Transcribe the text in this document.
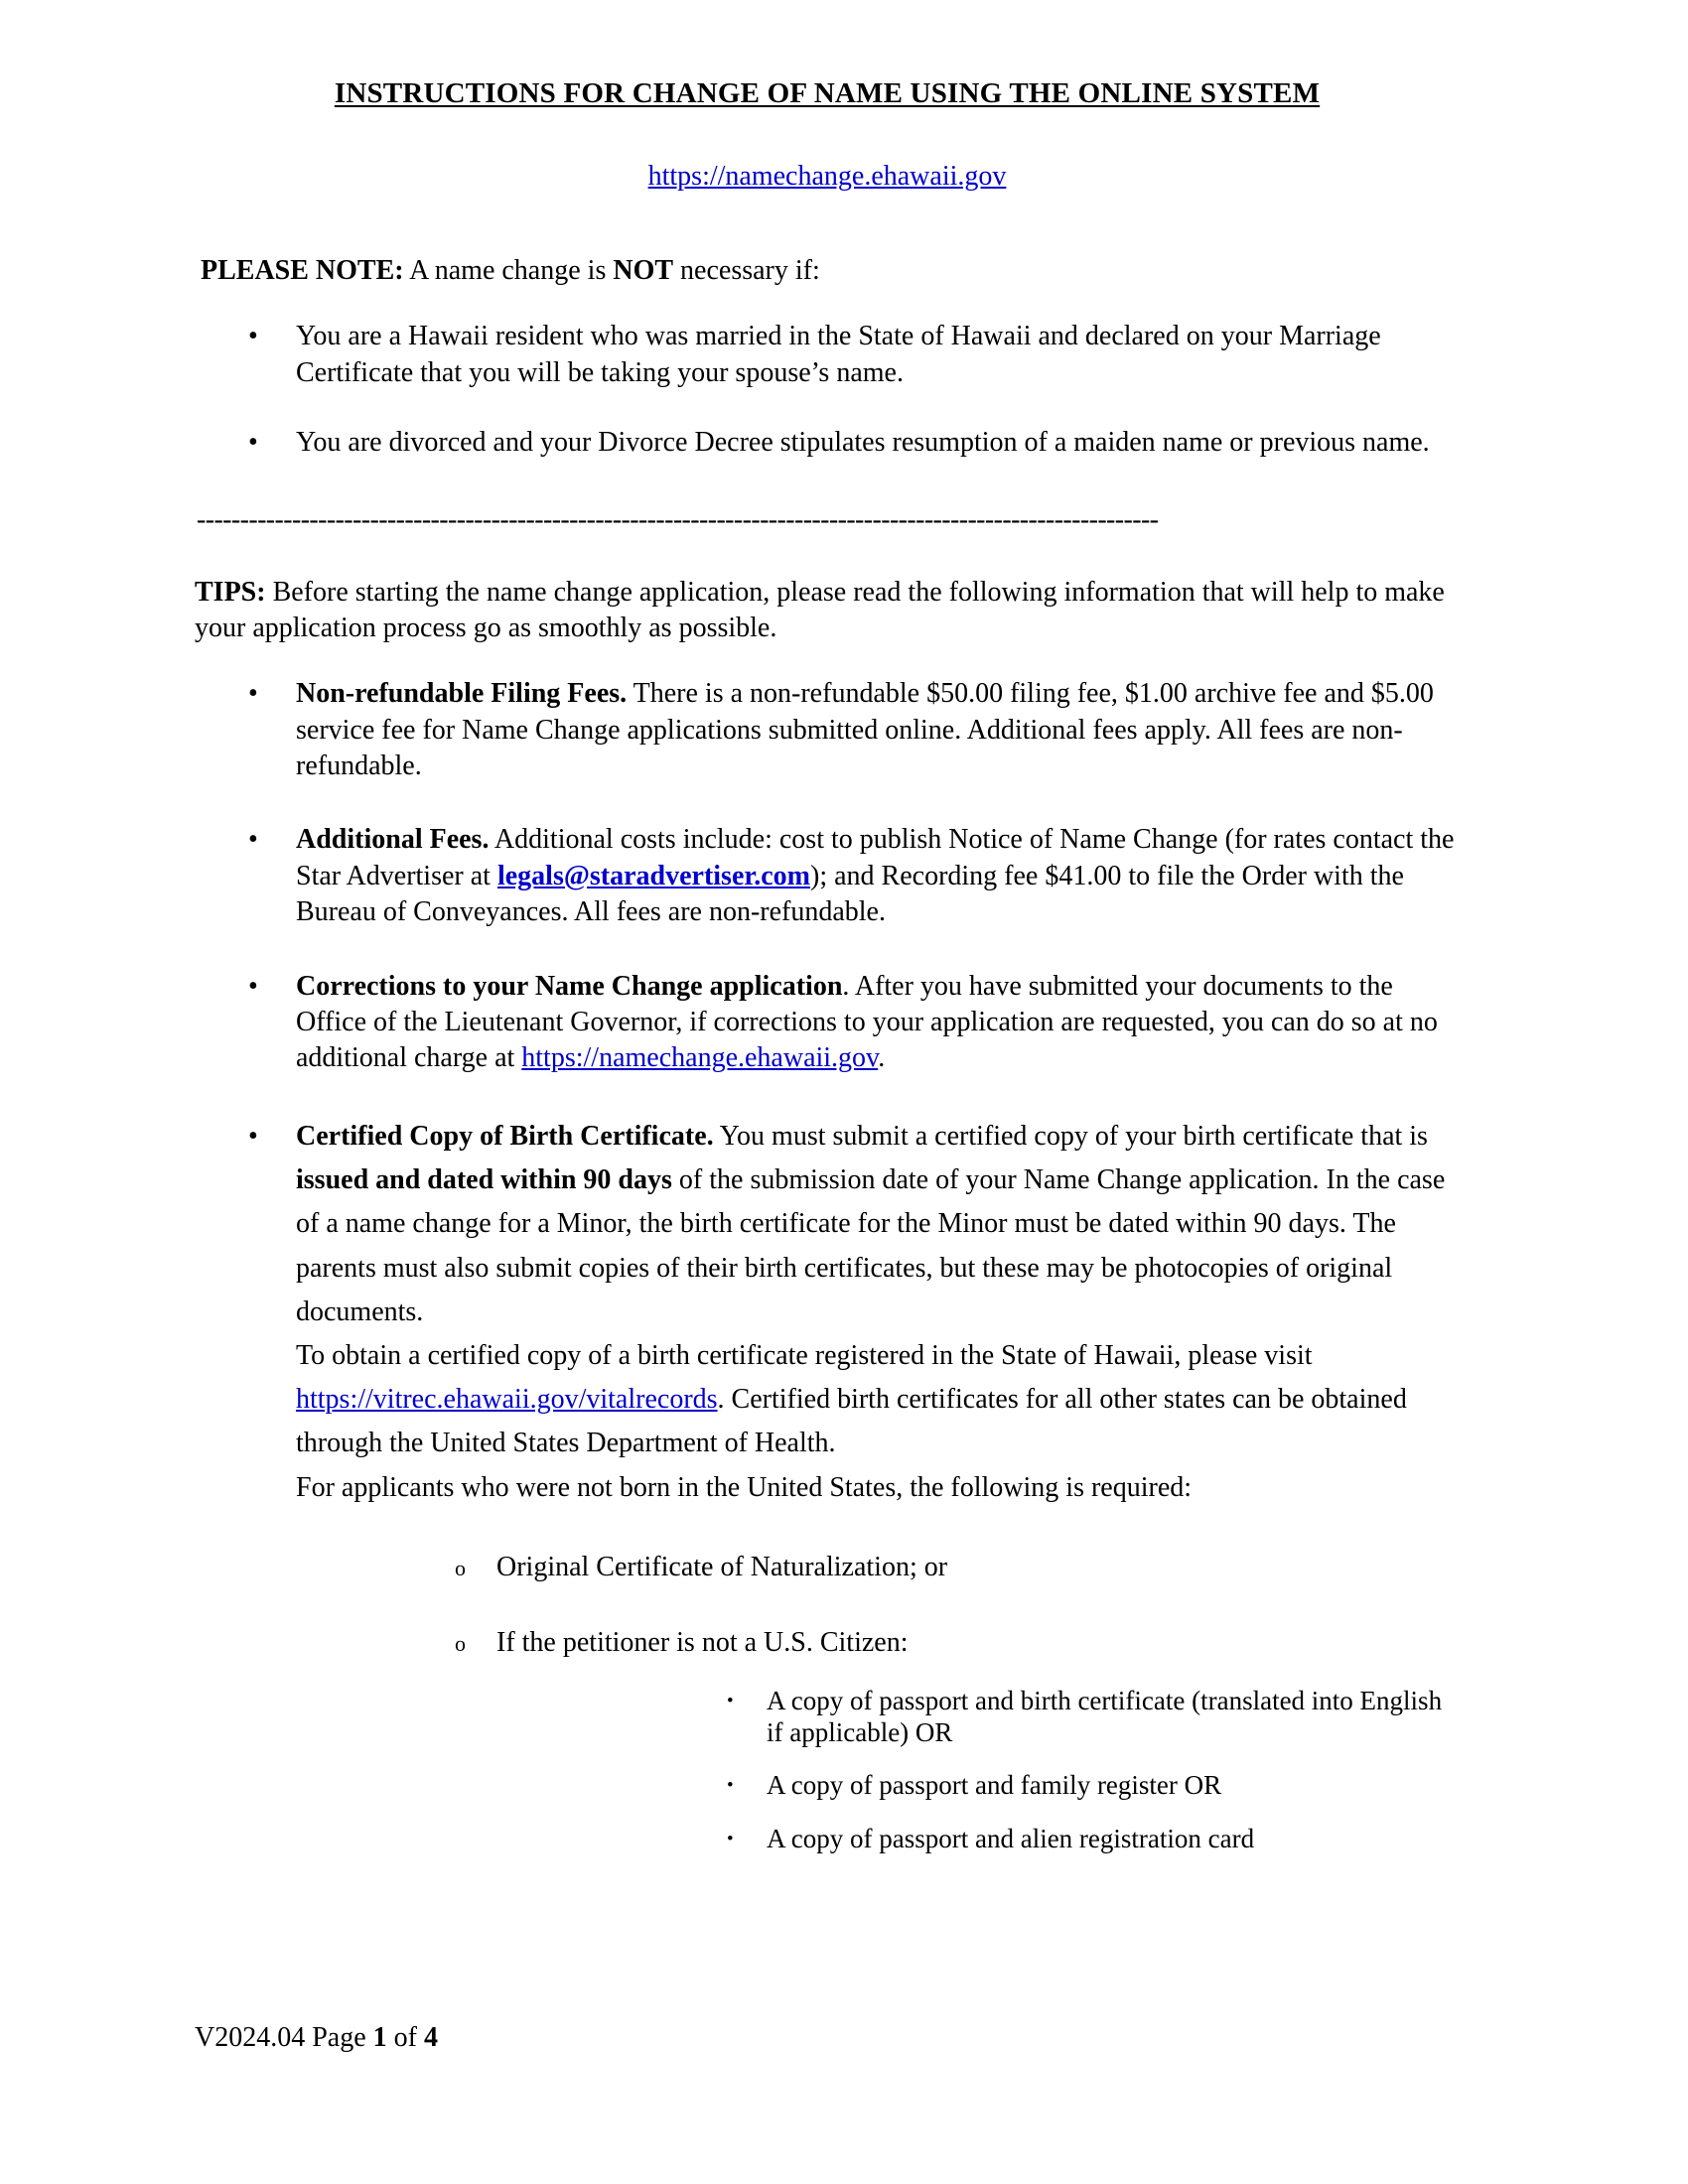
INSTRUCTIONS FOR CHANGE OF NAME USING THE ONLINE SYSTEM
https://namechange.ehawaii.gov
PLEASE NOTE: A name change is NOT necessary if:
• You are a Hawaii resident who was married in the State of Hawaii and declared on your Marriage Certificate that you will be taking your spouse’s name.
• You are divorced and your Divorce Decree stipulates resumption of a maiden name or previous name.
---------------------------------------------------------------------------------------------------------------
TIPS: Before starting the name change application, please read the following information that will help to make your application process go as smoothly as possible.
• Non-refundable Filing Fees. There is a non-refundable $50.00 filing fee, $1.00 archive fee and $5.00 service fee for Name Change applications submitted online. Additional fees apply. All fees are non-refundable.
• Additional Fees. Additional costs include: cost to publish Notice of Name Change (for rates contact the Star Advertiser at legals@staradvertiser.com); and Recording fee $41.00 to file the Order with the Bureau of Conveyances. All fees are non-refundable.
• Corrections to your Name Change application. After you have submitted your documents to the Office of the Lieutenant Governor, if corrections to your application are requested, you can do so at no additional charge at https://namechange.ehawaii.gov.
• Certified Copy of Birth Certificate. You must submit a certified copy of your birth certificate that is issued and dated within 90 days of the submission date of your Name Change application. In the case of a name change for a Minor, the birth certificate for the Minor must be dated within 90 days. The parents must also submit copies of their birth certificates, but these may be photocopies of original documents.
To obtain a certified copy of a birth certificate registered in the State of Hawaii, please visit https://vitrec.ehawaii.gov/vitalrecords. Certified birth certificates for all other states can be obtained through the United States Department of Health.
For applicants who were not born in the United States, the following is required:
o Original Certificate of Naturalization; or
o If the petitioner is not a U.S. Citizen:
• A copy of passport and birth certificate (translated into English if applicable) OR
• A copy of passport and family register OR
• A copy of passport and alien registration card
V2024.04 Page 1 of 4
